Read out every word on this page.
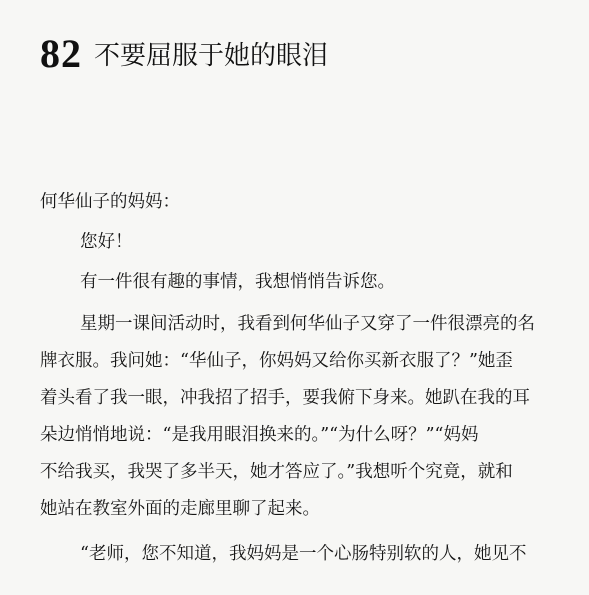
82 不要屈服于她的眼泪
何华仙子的妈妈：
您好！
有一件很有趣的事情，我想悄悄告诉您。
星期一课间活动时，我看到何华仙子又穿了一件很漂亮的名
牌衣服。我问她：“华仙子，你妈妈又给你买新衣服了？”她歪
着头看了我一眼，冲我招了招手，要我俯下身来。她趴在我的耳
朵边悄悄地说：“是我用眼泪换来的。”“为什么呀？”“妈妈
不给我买，我哭了多半天，她才答应了。”我想听个究竟，就和
她站在教室外面的走廊里聊了起来。
“老师，您不知道，我妈妈是一个心肠特别软的人，她见不
